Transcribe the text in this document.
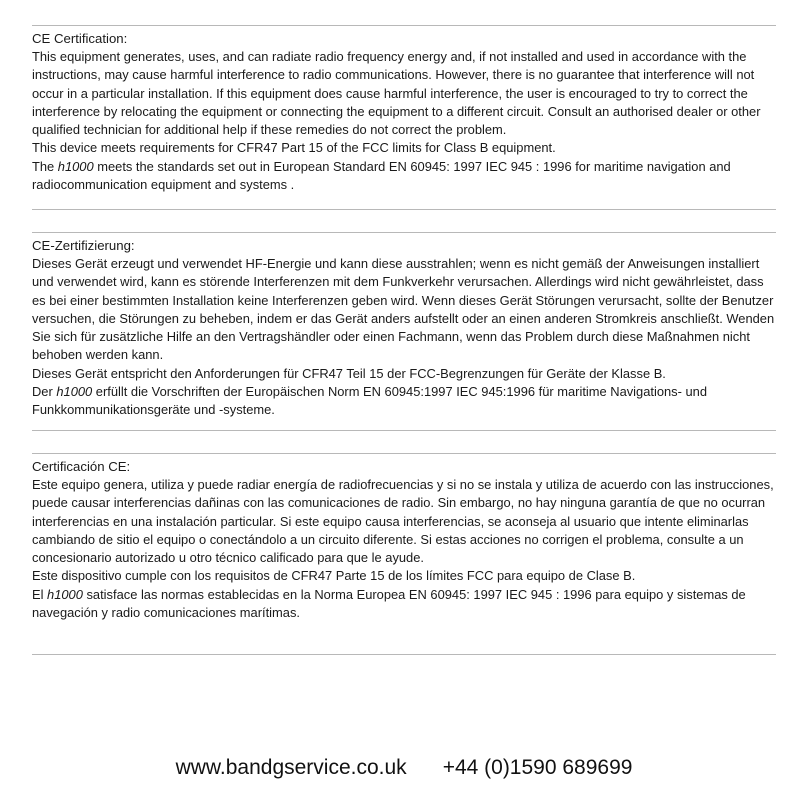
CE Certification:

This equipment generates, uses, and can radiate radio frequency energy and, if not installed and used in accordance with the instructions, may cause harmful interference to radio communications. However, there is no guarantee that interference will not occur in a particular installation. If this equipment does cause harmful interference, the user is encouraged to try to correct the interference by relocating the equipment or connecting the equipment to a different circuit. Consult an authorised dealer or other qualified technician for additional help if these remedies do not correct the problem.

This device meets requirements for CFR47 Part 15 of the FCC limits for Class B equipment.

The h1000 meets the standards set out in European Standard EN 60945: 1997 IEC 945 : 1996 for maritime navigation and radiocommunication equipment and systems .

CE-Zertifizierung:

Dieses Gerät erzeugt und verwendet HF-Energie und kann diese ausstrahlen; wenn es nicht gemäß der Anweisungen installiert und verwendet wird, kann es störende Interferenzen mit dem Funkverkehr verursachen. Allerdings wird nicht gewährleistet, dass es bei einer bestimmten Installation keine Interferenzen geben wird. Wenn dieses Gerät Störungen verursacht, sollte der Benutzer versuchen, die Störungen zu beheben, indem er das Gerät anders aufstellt oder an einen anderen Stromkreis anschließt. Wenden Sie sich für zusätzliche Hilfe an den Vertragshändler oder einen Fachmann, wenn das Problem durch diese Maßnahmen nicht behoben werden kann.

Dieses Gerät entspricht den Anforderungen für CFR47 Teil 15 der FCC-Begrenzungen für Geräte der Klasse B.

Der h1000 erfüllt die Vorschriften der Europäischen Norm EN 60945:1997 IEC 945:1996 für maritime Navigations- und Funkkommunikationsgeräte und -systeme.

Certificación CE:

Este equipo genera, utiliza y puede radiar energía de radiofrecuencias y si no se instala y utiliza de acuerdo con las instrucciones, puede causar interferencias dañinas con las comunicaciones de radio. Sin embargo, no hay ninguna garantía de que no ocurran interferencias en una instalación particular. Si este equipo causa interferencias, se aconseja al usuario que intente eliminarlas cambiando de sitio el equipo o conectándolo a un circuito diferente. Si estas acciones no corrigen el problema, consulte a un concesionario autorizado u otro técnico calificado para que le ayude.

Este dispositivo cumple con los requisitos de CFR47 Parte 15 de los límites FCC para equipo de Clase B.

El h1000 satisface las normas establecidas en la Norma Europea EN 60945: 1997 IEC 945 : 1996 para equipo y sistemas de navegación y radio comunicaciones marítimas.

www.bandgservice.co.uk +44 (0)1590 689699
